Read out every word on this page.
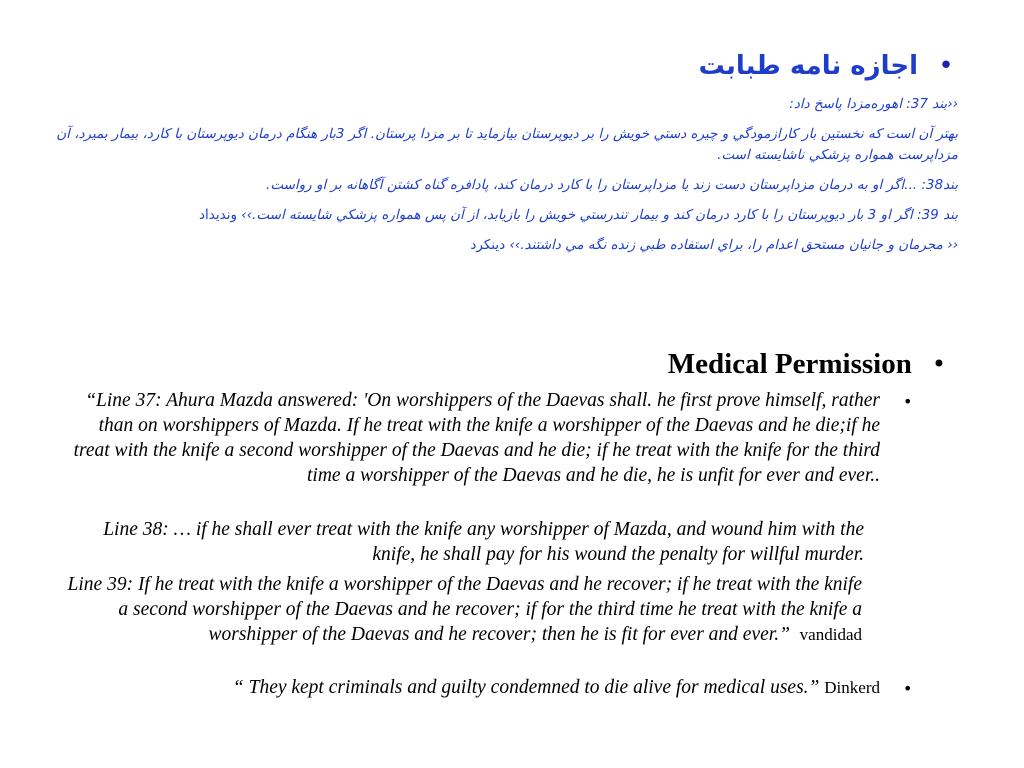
•
اجازه نامه طبابت
‹‹بند 37: اهورەمزدا پاسخ داد:
بهتر آن است که نخستين بار کارازمودگي و چيره دستي خويش را بر ديوپرستان بيازمايد تا بر مزدا پرستان. اگر 3بار هنگام درمان ديوپرستان با کارد، بيمار بميرد، آن مزداپرست همواره پزشكي ناشايسته است.
بند38: ...اگر او به درمان مزداپرستان دست زند يا مزداپرستان را با كارد درمان كند، پادافره گناه كشتن آگاهانه بر او رواست.
بند 39: اگر او 3 بار ديوپرستان را با كارد درمان كند و بيمار تندرستي خويش را بازيابد، از آن پس همواره پزشكي شايسته است.›› ونديداد
‹‹ مجرمان و جانيان مستحق اعدام را، براي استفاده طبي زنده نگه مي داشتند.›› دينكرد
•
Medical Permission
•
“Line 37: Ahura Mazda answered: 'On worshippers of the Daevas shall. he first prove himself, rather than on worshippers of Mazda. If he treat with the knife a worshipper of the Daevas and he die;if he treat with the knife a second worshipper of the Daevas and he die; if he treat with the knife for the third time a worshipper of the Daevas and he die, he is unfit for ever and ever..
Line 38: … if he shall ever treat with the knife any worshipper of Mazda, and wound him with the knife, he shall pay for his wound the penalty for willful murder.
Line 39: If he treat with the knife a worshipper of the Daevas and he recover; if he treat with the knife a second worshipper of the Daevas and he recover; if for the third time he treat with the knife a worshipper of the Daevas and he recover; then he is fit for ever and ever.” vandidad
•
“ They kept criminals and guilty condemned to die alive for medical uses.” Dinkerd
